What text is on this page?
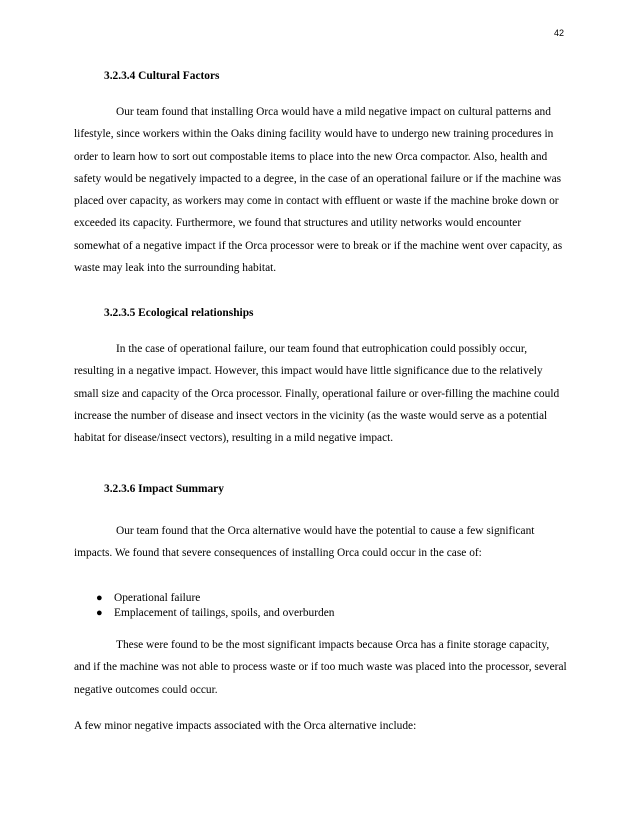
42
3.2.3.4 Cultural Factors

Our team found that installing Orca would have a mild negative impact on cultural patterns and lifestyle, since workers within the Oaks dining facility would have to undergo new training procedures in order to learn how to sort out compostable items to place into the new Orca compactor. Also, health and safety would be negatively impacted to a degree, in the case of an operational failure or if the machine was placed over capacity, as workers may come in contact with effluent or waste if the machine broke down or exceeded its capacity. Furthermore, we found that structures and utility networks would encounter somewhat of a negative impact if the Orca processor were to break or if the machine went over capacity, as waste may leak into the surrounding habitat.

3.2.3.5 Ecological relationships

In the case of operational failure, our team found that eutrophication could possibly occur, resulting in a negative impact. However, this impact would have little significance due to the relatively small size and capacity of the Orca processor. Finally, operational failure or over-filling the machine could increase the number of disease and insect vectors in the vicinity (as the waste would serve as a potential habitat for disease/insect vectors), resulting in a mild negative impact.

3.2.3.6 Impact Summary

Our team found that the Orca alternative would have the potential to cause a few significant impacts. We found that severe consequences of installing Orca could occur in the case of:

● Operational failure
● Emplacement of tailings, spoils, and overburden

These were found to be the most significant impacts because Orca has a finite storage capacity, and if the machine was not able to process waste or if too much waste was placed into the processor, several negative outcomes could occur.

A few minor negative impacts associated with the Orca alternative include:
